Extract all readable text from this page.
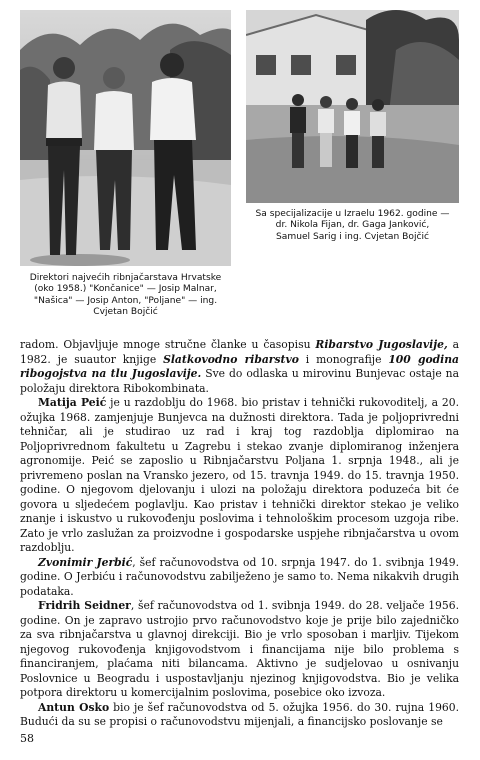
Sa specijalizacije u Izraelu 1962. godine —
dr. Nikola Fijan, dr. Gaga Janković,
Samuel Sarig i ing. Cvjetan Bojčić
Direktori najvećih ribnjačarstava Hrvatske
(oko 1958.) "Končanice" — Josip Malnar,
"Našica" — Josip Anton, "Poljane" — ing.
Cvjetan Bojčić

radom. Objavljuje mnoge stručne članke u časopisu Ribarstvo Jugoslavije, a 1982. je suautor knjige Slatkovodno ribarstvo i monografije 100 godina ribogojstva na tlu Jugoslavije. Sve do odlaska u mirovinu Bunjevac ostaje na položaju direktora Ribokombinata.

Matija Peić je u razdoblju do 1968. bio pristav i tehnički rukovoditelj, a 20. ožujka 1968. zamjenjuje Bunjevca na dužnosti direktora. Tada je poljoprivredni tehničar, ali je studirao uz rad i kraj tog razdoblja diplomirao na Poljoprivrednom fakultetu u Zagrebu i stekao zvanje diplomiranog inženjera agronomije. Peić se zaposlio u Ribnjačarstvu Poljana 1. srpnja 1948., ali je privremeno poslan na Vransko jezero, od 15. travnja 1949. do 15. travnja 1950. godine. O njegovom djelovanju i ulozi na položaju direktora poduzeća bit će govora u sljedećem poglavlju. Kao pristav i tehnički direktor stekao je veliko znanje i iskustvo u rukovođenju poslovima i tehnološkim procesom uzgoja ribe. Zato je vrlo zaslužan za proizvodne i gospodarske uspjehe ribnjačarstva u ovom razdoblju.

Zvonimir Jerbić, šef računovodstva od 10. srpnja 1947. do 1. svibnja 1949. godine. O Jerbiću i računovodstvu zabilježeno je samo to. Nema nikakvih drugih podataka.

Fridrih Seidner, šef računovodstva od 1. svibnja 1949. do 28. veljače 1956. godine. On je zapravo ustrojio prvo računovodstvo koje je prije bilo zajedničko za sva ribnjačarstva u glavnoj direkciji. Bio je vrlo sposoban i marljiv. Tijekom njegovog rukovođenja knjigovodstvom i financijama nije bilo problema s financiranjem, plaćama niti bilancama. Aktivno je sudjelovao u osnivanju Poslovnice u Beogradu i uspostavljanju njezinog knjigovodstva. Bio je velika potpora direktoru u komercijalnim poslovima, posebice oko izvoza.

Antun Osko bio je šef računovodstva od 5. ožujka 1956. do 30. rujna 1960. Budući da su se propisi o računovodstvu mijenjali, a financijsko poslovanje se

58
